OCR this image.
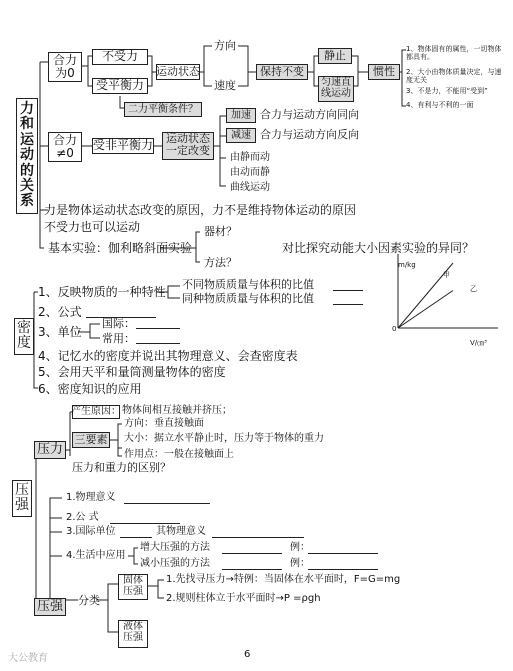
力和运动的关系
合力为0
不受力
受平衡力
运动状态
方向
速度
保持不变
静止
匀速直线运动
惯性
1、物体固有的属性，一切物体都具有。
2、大小由物体质量决定，与速度无关
3、不是力，不能用“受到”
4、有利与不利的一面
二力平衡条件？
合力≠0
受非平衡力	运动状态一定改变
加速
减速
合力与运动方向同向
合力与运动方向反向
由静而动
由动而静
曲线运动
力是物体运动状态改变的原因，力不是维持物体运动的原因
不受力也可以运动
基本实验：伽利略斜面实验
器材？
方法？
对比探究动能大小因素实验的异同？
密度
1、反映物质的一种特性
不同物质质量与体积的比值
同种物质质量与体积的比值
2、公式
3、单位
国际：
常用：
4、记忆水的密度并说出其物理意义、会查密度表
5、会用天平和量筒测量物体的密度
6、密度知识的应用
m/kg
V/㎝³
0
甲
乙
压强
压力
产生原因： 物体间相互接触并挤压；
三要素
方向：垂直接触面
大小：据立水平静止时，压力等于物体的重力
作用点：一般在接触面上
压力和重力的区别？
压强
1.物理意义
2.公 式
3.国际单位	其物理意义
4.生活中应用
增大压强的方法
减小压强的方法
例：
例：
分类
固体压强
液体压强
1.先找寻压力→特例：当固体在水平面时，F=G=mg
2.规则柱体立于水平面时→P =ρgh
6
大公教育
